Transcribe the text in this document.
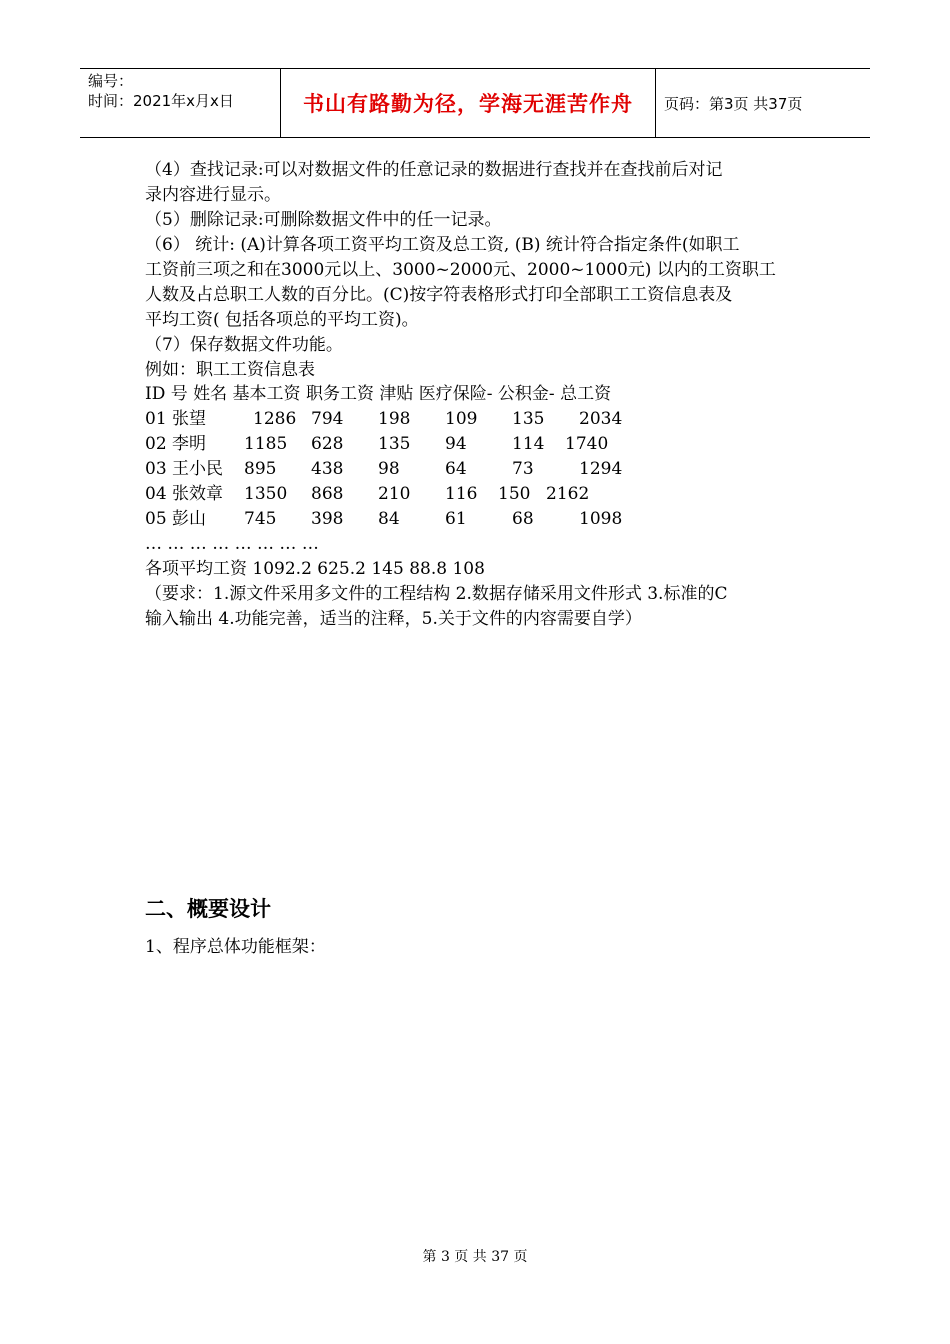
编号：
时间：2021年x月x日	书山有路勤为径，学海无涯苦作舟	页码：第3页 共37页

（4）查找记录:可以对数据文件的任意记录的数据进行查找并在查找前后对记

录内容进行显示。

（5）删除记录:可删除数据文件中的任一记录。

（6） 统计: (A)计算各项工资平均工资及总工资, (B) 统计符合指定条件(如职工

工资前三项之和在3000元以上、3000~2000元、2000~1000元) 以内的工资职工

人数及占总职工人数的百分比。(C)按字符表格形式打印全部职工工资信息表及

平均工资( 包括各项总的平均工资)。

（7）保存数据文件功能。

例如：职工工资信息表

ID 号 姓名 基本工资 职务工资 津贴 医疗保险- 公积金- 总工资
01 张望	1286 794 198 109 135 2034
02 李明 1185 628 135 94	114 1740
03 王小民 895 438 98	64	73	1294
04 张效章 1350 868 210 116 150 2162
05 彭山 745 398 84	61	68	1098
… … … … … … … …

各项平均工资 1092.2 625.2 145 88.8 108

（要求：1.源文件采用多文件的工程结构 2.数据存储采用文件形式 3.标准的C

输入输出 4.功能完善，适当的注释，5.关于文件的内容需要自学）

二、概要设计
1、程序总体功能框架：
第 3 页 共 37 页
